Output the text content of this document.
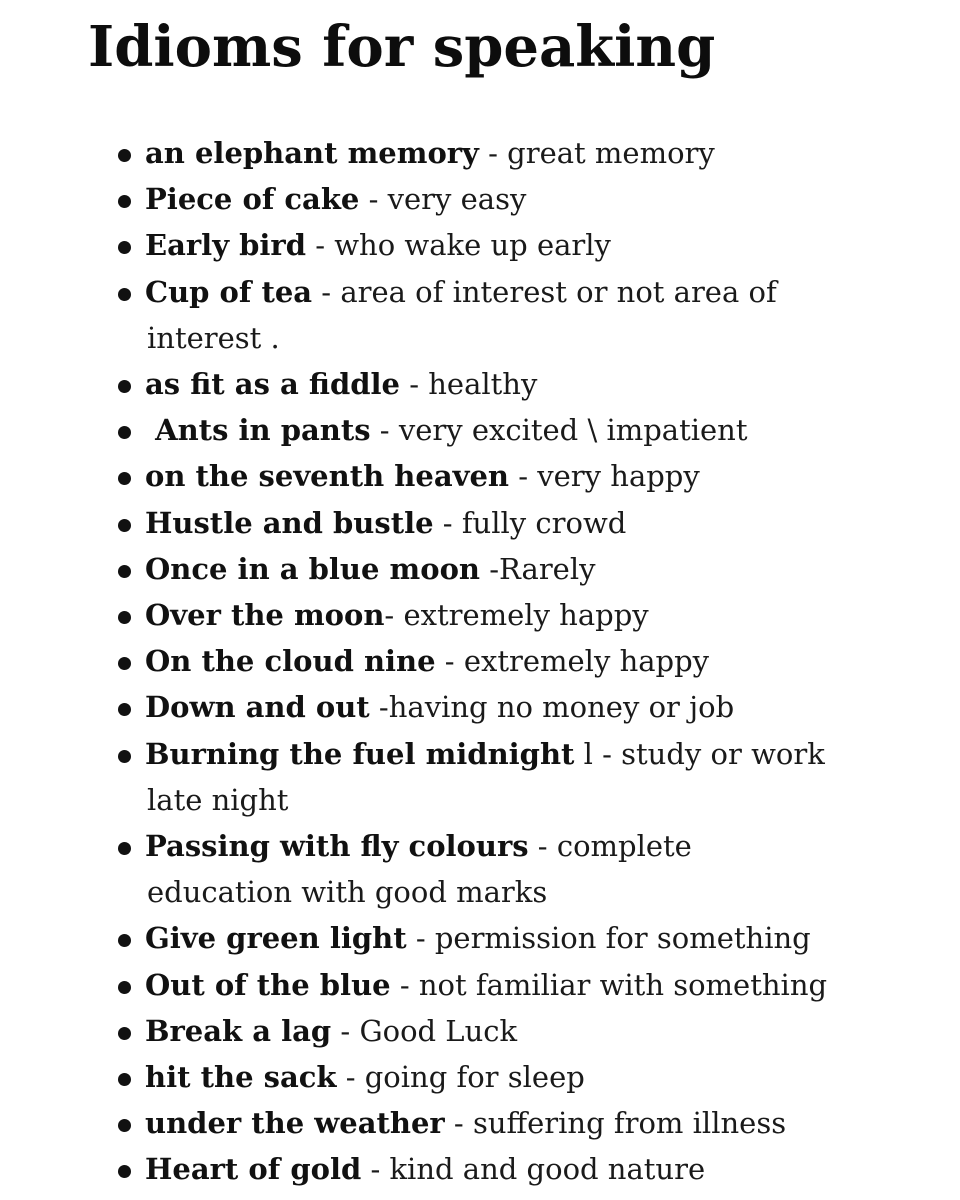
Idioms for speaking
an elephant memory - great memory
Piece of cake - very easy
Early bird - who wake up early
Cup of tea - area of interest or not area of
interest .
as fit as a fiddle - healthy
Ants in pants - very excited \ impatient
on the seventh heaven - very happy
Hustle and bustle - fully crowd
Once in a blue moon -Rarely
Over the moon- extremely happy
On the cloud nine - extremely happy
Down and out -having no money or job
Burning the fuel midnight l - study or work
late night
Passing with fly colours - complete
education with good marks
Give green light - permission for something
Out of the blue - not familiar with something
Break a lag - Good Luck
hit the sack - going for sleep
under the weather - suffering from illness
Heart of gold - kind and good nature
